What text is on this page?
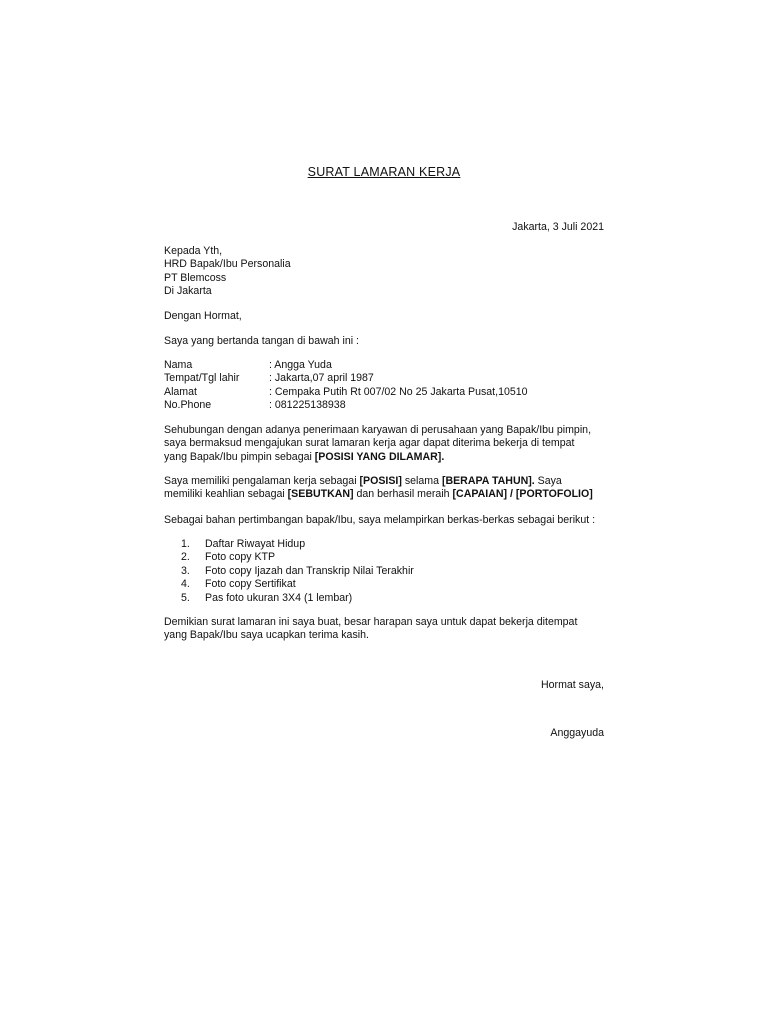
SURAT LAMARAN KERJA
Jakarta, 3 Juli 2021
Kepada Yth,
HRD Bapak/Ibu Personalia
PT Blemcoss
Di Jakarta
Dengan Hormat,
Saya yang bertanda tangan di bawah ini :
Nama	: Angga Yuda
Tempat/Tgl lahir	: Jakarta,07 april 1987
Alamat	: Cempaka Putih Rt 007/02 No 25 Jakarta Pusat,10510
No.Phone	: 081225138938
Sehubungan dengan adanya penerimaan karyawan di perusahaan yang Bapak/Ibu pimpin,
saya bermaksud mengajukan surat lamaran kerja agar dapat diterima bekerja di tempat
yang Bapak/Ibu pimpin sebagai [POSISI YANG DILAMAR].
Saya memiliki pengalaman kerja sebagai [POSISI] selama [BERAPA TAHUN]. Saya
memiliki keahlian sebagai [SEBUTKAN] dan berhasil meraih [CAPAIAN] / [PORTOFOLIO]
Sebagai bahan pertimbangan bapak/Ibu, saya melampirkan berkas-berkas sebagai berikut :
1. Daftar Riwayat Hidup
2. Foto copy KTP
3. Foto copy Ijazah dan Transkrip Nilai Terakhir
4. Foto copy Sertifikat
5. Pas foto ukuran 3X4 (1 lembar)
Demikian surat lamaran ini saya buat, besar harapan saya untuk dapat bekerja ditempat
yang Bapak/Ibu saya ucapkan terima kasih.
Hormat saya,
Anggayuda
